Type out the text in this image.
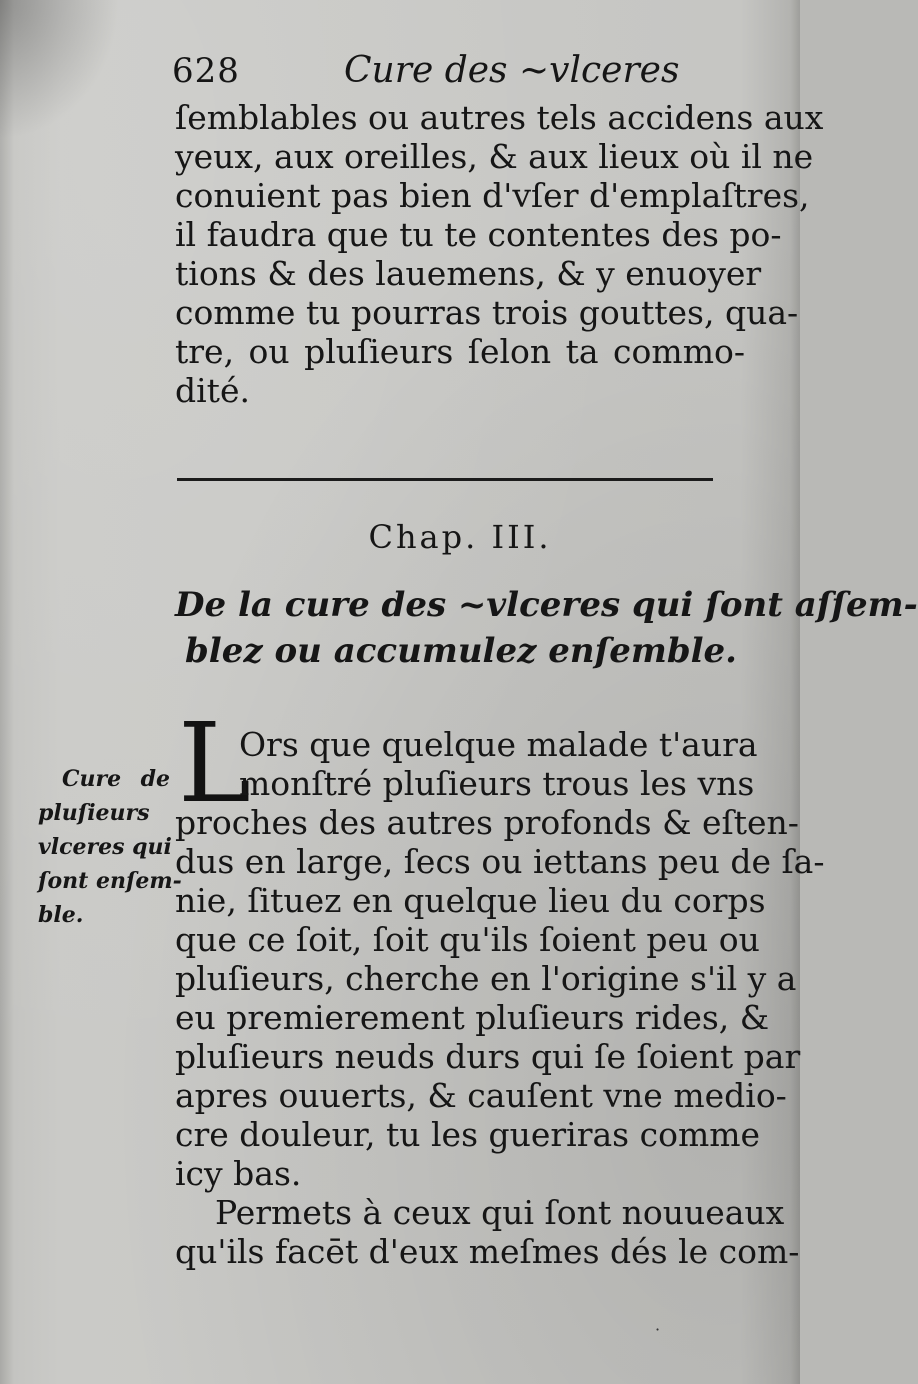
628	Cure des ~vlceres
ſemblables ou autres tels accidens aux
yeux, aux oreilles, & aux lieux où il ne
conuient pas bien d'vſer d'emplaſtres,
il faudra que tu te contentes des po-
tions & des lauemens, & y enuoyer
comme tu pourras trois gouttes, qua-
tre, ou pluſieurs ſelon ta commo-
dité.
Chap. III.
De la cure des ~vlceres qui ſont aſſem-
blez ou accumulez enſemble.
L
Ors que quelque malade t'aura
monſtré pluſieurs trous les vns
proches des autres profonds & eſten-
dus en large, ſecs ou iettans peu de ſa-
nie, ſituez en quelque lieu du corps
que ce ſoit, ſoit qu'ils ſoient peu ou
pluſieurs, cherche en l'origine s'il y a
eu premierement pluſieurs rides, &
pluſieurs neuds durs qui ſe ſoient par
apres ouuerts, & cauſent vne medio-
cre douleur, tu les gueriras comme
icy bas.
Permets à ceux qui ſont nouueaux
qu'ils facēt d'eux meſmes dés le com-
Cure de
pluſieurs
vlceres qui
ſont enſem-
ble.
·
